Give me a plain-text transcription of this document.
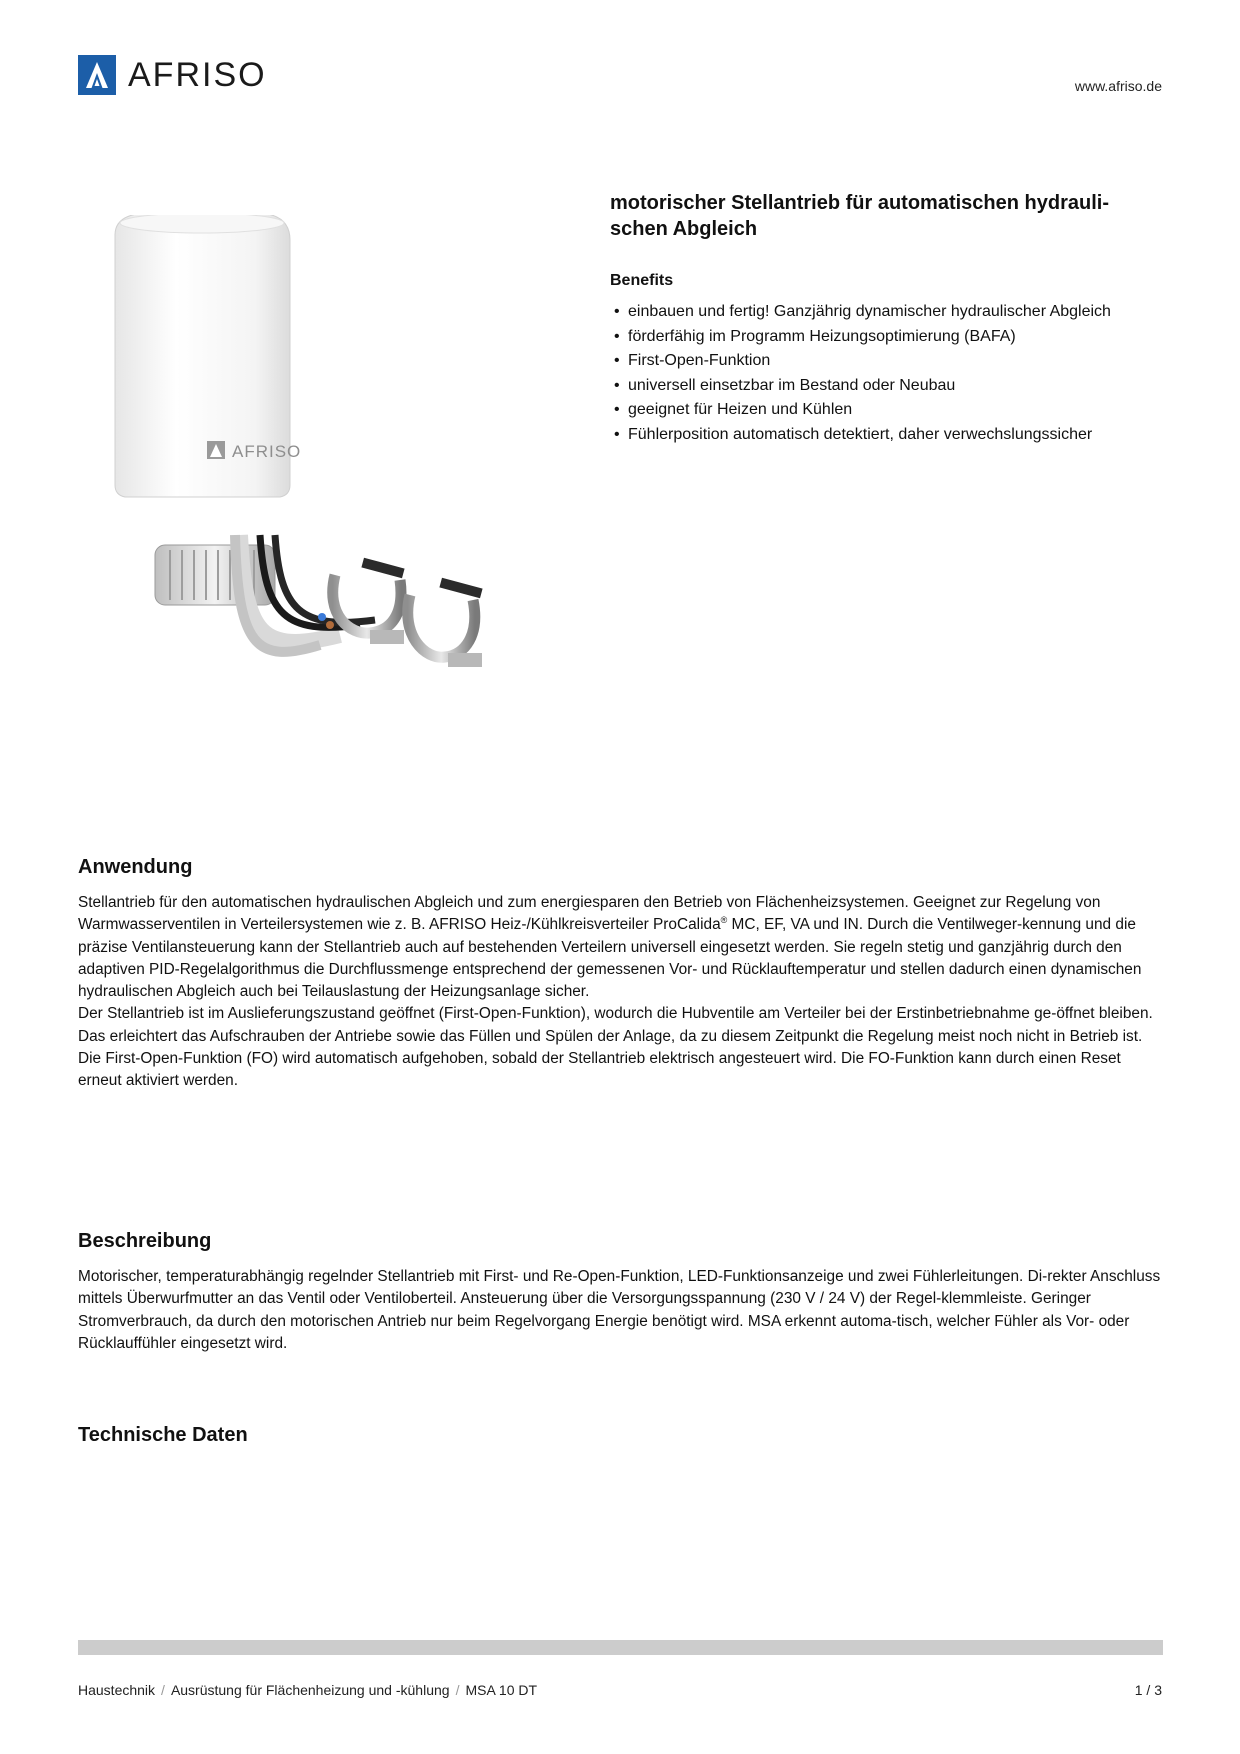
AFRISO	www.afriso.de
AFRISO
motorischer Stellantrieb für automatischen hydrauli-
schen Abgleich
Benefits
• einbauen und fertig! Ganzjährig dynamischer hydraulischer Abgleich
• förderfähig im Programm Heizungsoptimierung (BAFA)
• First-Open-Funktion
• universell einsetzbar im Bestand oder Neubau
• geeignet für Heizen und Kühlen
• Fühlerposition automatisch detektiert, daher verwechslungssicher
Anwendung

Stellantrieb für den automatischen hydraulischen Abgleich und zum energiesparen den Betrieb von Flächenheizsystemen. Geeignet zur Regelung von Warmwasserventilen in Verteilersystemen wie z. B. AFRISO Heiz-/Kühlkreisverteiler ProCalida® MC, EF, VA und IN. Durch die Ventilweger-kennung und die präzise Ventilansteuerung kann der Stellantrieb auch auf bestehenden Verteilern universell eingesetzt werden. Sie regeln stetig und ganzjährig durch den adaptiven PID-Regelalgorithmus die Durchflussmenge entsprechend der gemessenen Vor- und Rücklauftemperatur und stellen dadurch einen dynamischen hydraulischen Abgleich auch bei Teilauslastung der Heizungsanlage sicher.

Der Stellantrieb ist im Auslieferungszustand geöffnet (First-Open-Funktion), wodurch die Hubventile am Verteiler bei der Erstinbetriebnahme ge-öffnet bleiben. Das erleichtert das Aufschrauben der Antriebe sowie das Füllen und Spülen der Anlage, da zu diesem Zeitpunkt die Regelung meist noch nicht in Betrieb ist. Die First-Open-Funktion (FO) wird automatisch aufgehoben, sobald der Stellantrieb elektrisch angesteuert wird. Die FO-Funktion kann durch einen Reset erneut aktiviert werden.

Beschreibung

Motorischer, temperaturabhängig regelnder Stellantrieb mit First- und Re-Open-Funktion, LED-Funktionsanzeige und zwei Fühlerleitungen. Di-rekter Anschluss mittels Überwurfmutter an das Ventil oder Ventiloberteil. Ansteuerung über die Versorgungsspannung (230 V / 24 V) der Regel-klemmleiste. Geringer Stromverbrauch, da durch den motorischen Antrieb nur beim Regelvorgang Energie benötigt wird. MSA erkennt automa-tisch, welcher Fühler als Vor- oder Rücklauffühler eingesetzt wird.

Technische Daten
Haustechnik / Ausrüstung für Flächenheizung und -kühlung / MSA 10 DT	1 / 3
